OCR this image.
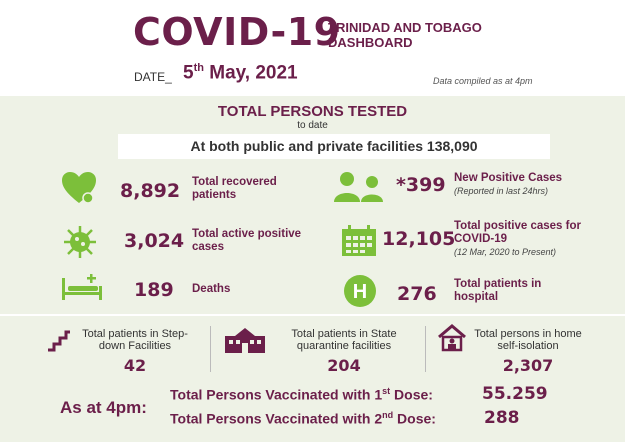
COVID-19
TRINIDAD AND TOBAGO DASHBOARD
DATE_ 5th May, 2021	Data compiled as at 4pm
TOTAL PERSONS TESTED
to date
At both public and private facilities 138,090
8,892 Total recovered patients
3,024 Total active positive cases
189 Deaths
*399 New Positive Cases
(Reported in last 24hrs)
12,105
Total positive cases for COVID-19
(12 Mar, 2020 to Present)
H 276 Total patients in hospital
Total patients in Step-down Facilities
42
Total patients in State quarantine facilities
204
Total persons in home self-isolation
2,307
As at 4pm:
Total Persons Vaccinated with 1st Dose:	55.259
Total Persons Vaccinated with 2nd Dose:	288
